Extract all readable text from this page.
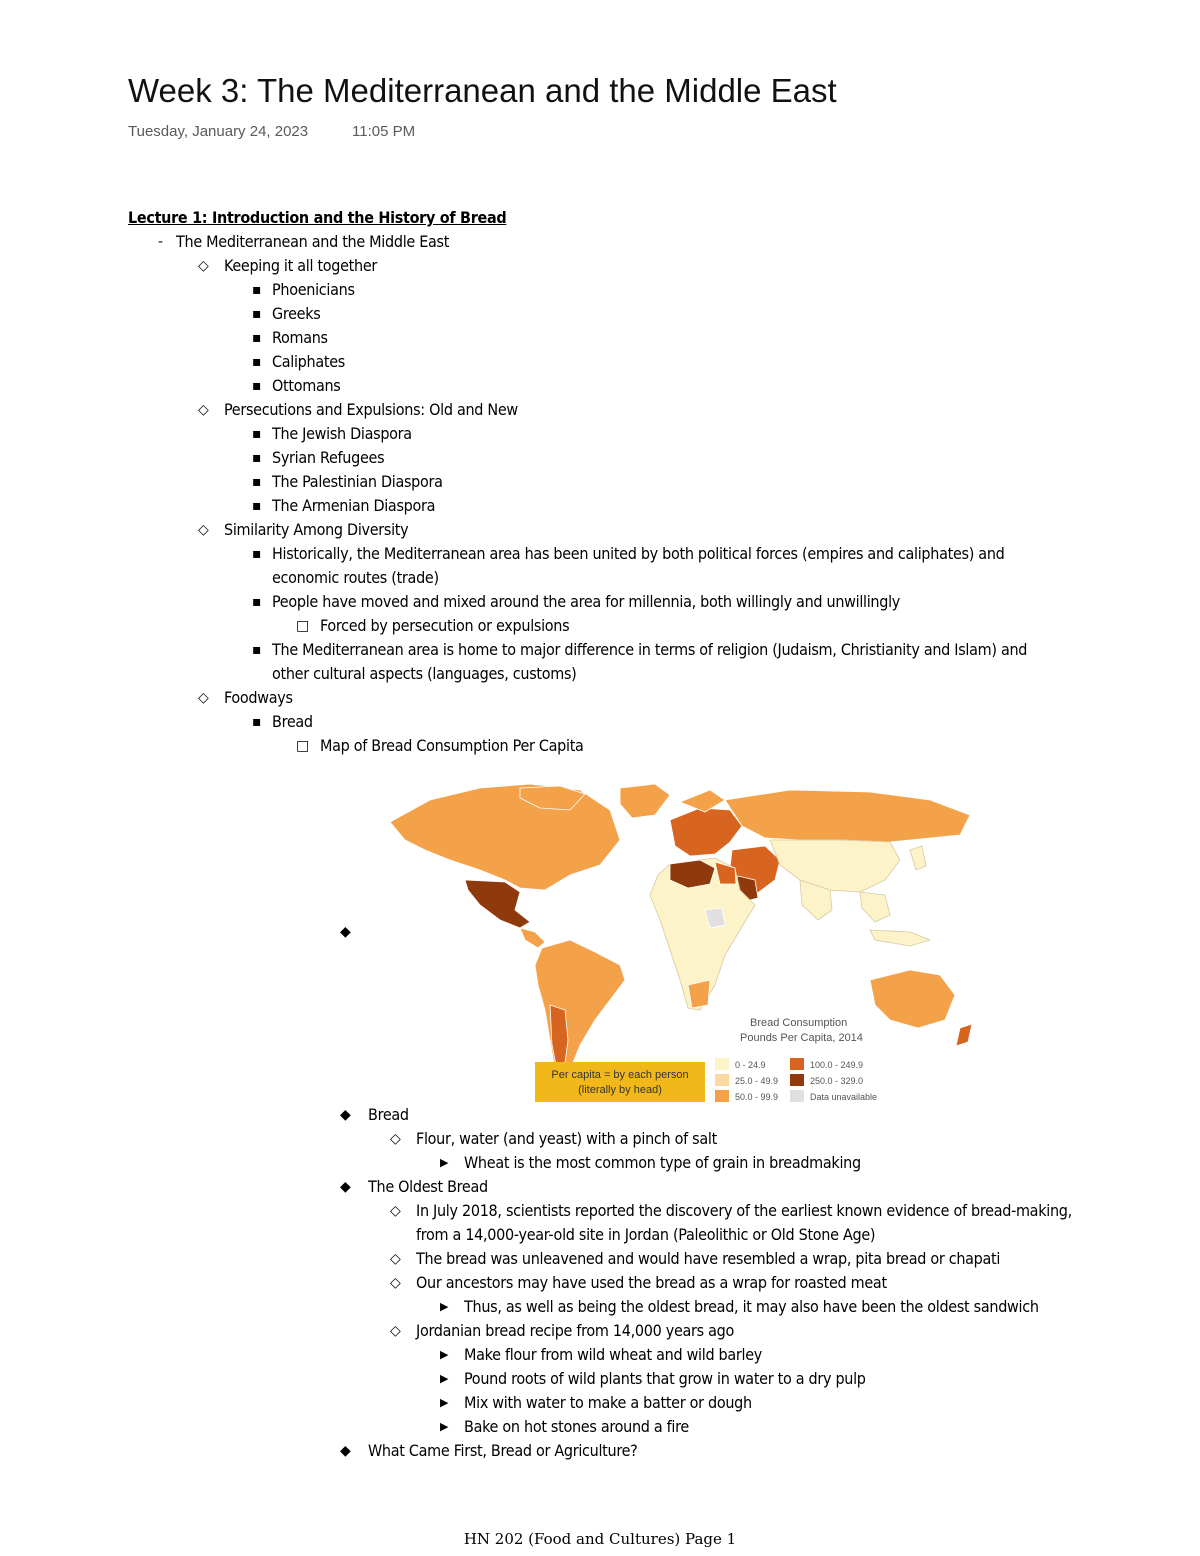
Week 3: The Mediterranean and the Middle East
Tuesday, January 24, 2023	11:05 PM
Lecture 1: Introduction and the History of Bread
- The Mediterranean and the Middle East
◇ Keeping it all together
▪ Phoenicians
▪ Greeks
▪ Romans
▪ Caliphates
▪ Ottomans
◇ Persecutions and Expulsions: Old and New
▪ The Jewish Diaspora
▪ Syrian Refugees
▪ The Palestinian Diaspora
▪ The Armenian Diaspora
◇ Similarity Among Diversity
▪ Historically, the Mediterranean area has been united by both political forces (empires and caliphates) and
economic routes (trade)
▪ People have moved and mixed around the area for millennia, both willingly and unwillingly
□ Forced by persecution or expulsions
▪ The Mediterranean area is home to major difference in terms of religion (Judaism, Christianity and Islam) and
other cultural aspects (languages, customs)
◇ Foodways
▪ Bread
□ Map of Bread Consumption Per Capita
◆
Bread Consumption
Pounds Per Capita, 2014
0 - 24.9
25.0 - 49.9
50.0 - 99.9
100.0 - 249.9
250.0 - 329.0
Data unavailable
Per capita = by each person
(literally by head)
◆ Bread
◇ Flour, water (and yeast) with a pinch of salt
▶ Wheat is the most common type of grain in breadmaking
◆ The Oldest Bread
◇ In July 2018, scientists reported the discovery of the earliest known evidence of bread-making,
from a 14,000-year-old site in Jordan (Paleolithic or Old Stone Age)
◇ The bread was unleavened and would have resembled a wrap, pita bread or chapati
◇ Our ancestors may have used the bread as a wrap for roasted meat
▶ Thus, as well as being the oldest bread, it may also have been the oldest sandwich
◇ Jordanian bread recipe from 14,000 years ago
▶ Make flour from wild wheat and wild barley
▶ Pound roots of wild plants that grow in water to a dry pulp
▶ Mix with water to make a batter or dough
▶ Bake on hot stones around a fire
◆ What Came First, Bread or Agriculture?
HN 202 (Food and Cultures) Page 1
